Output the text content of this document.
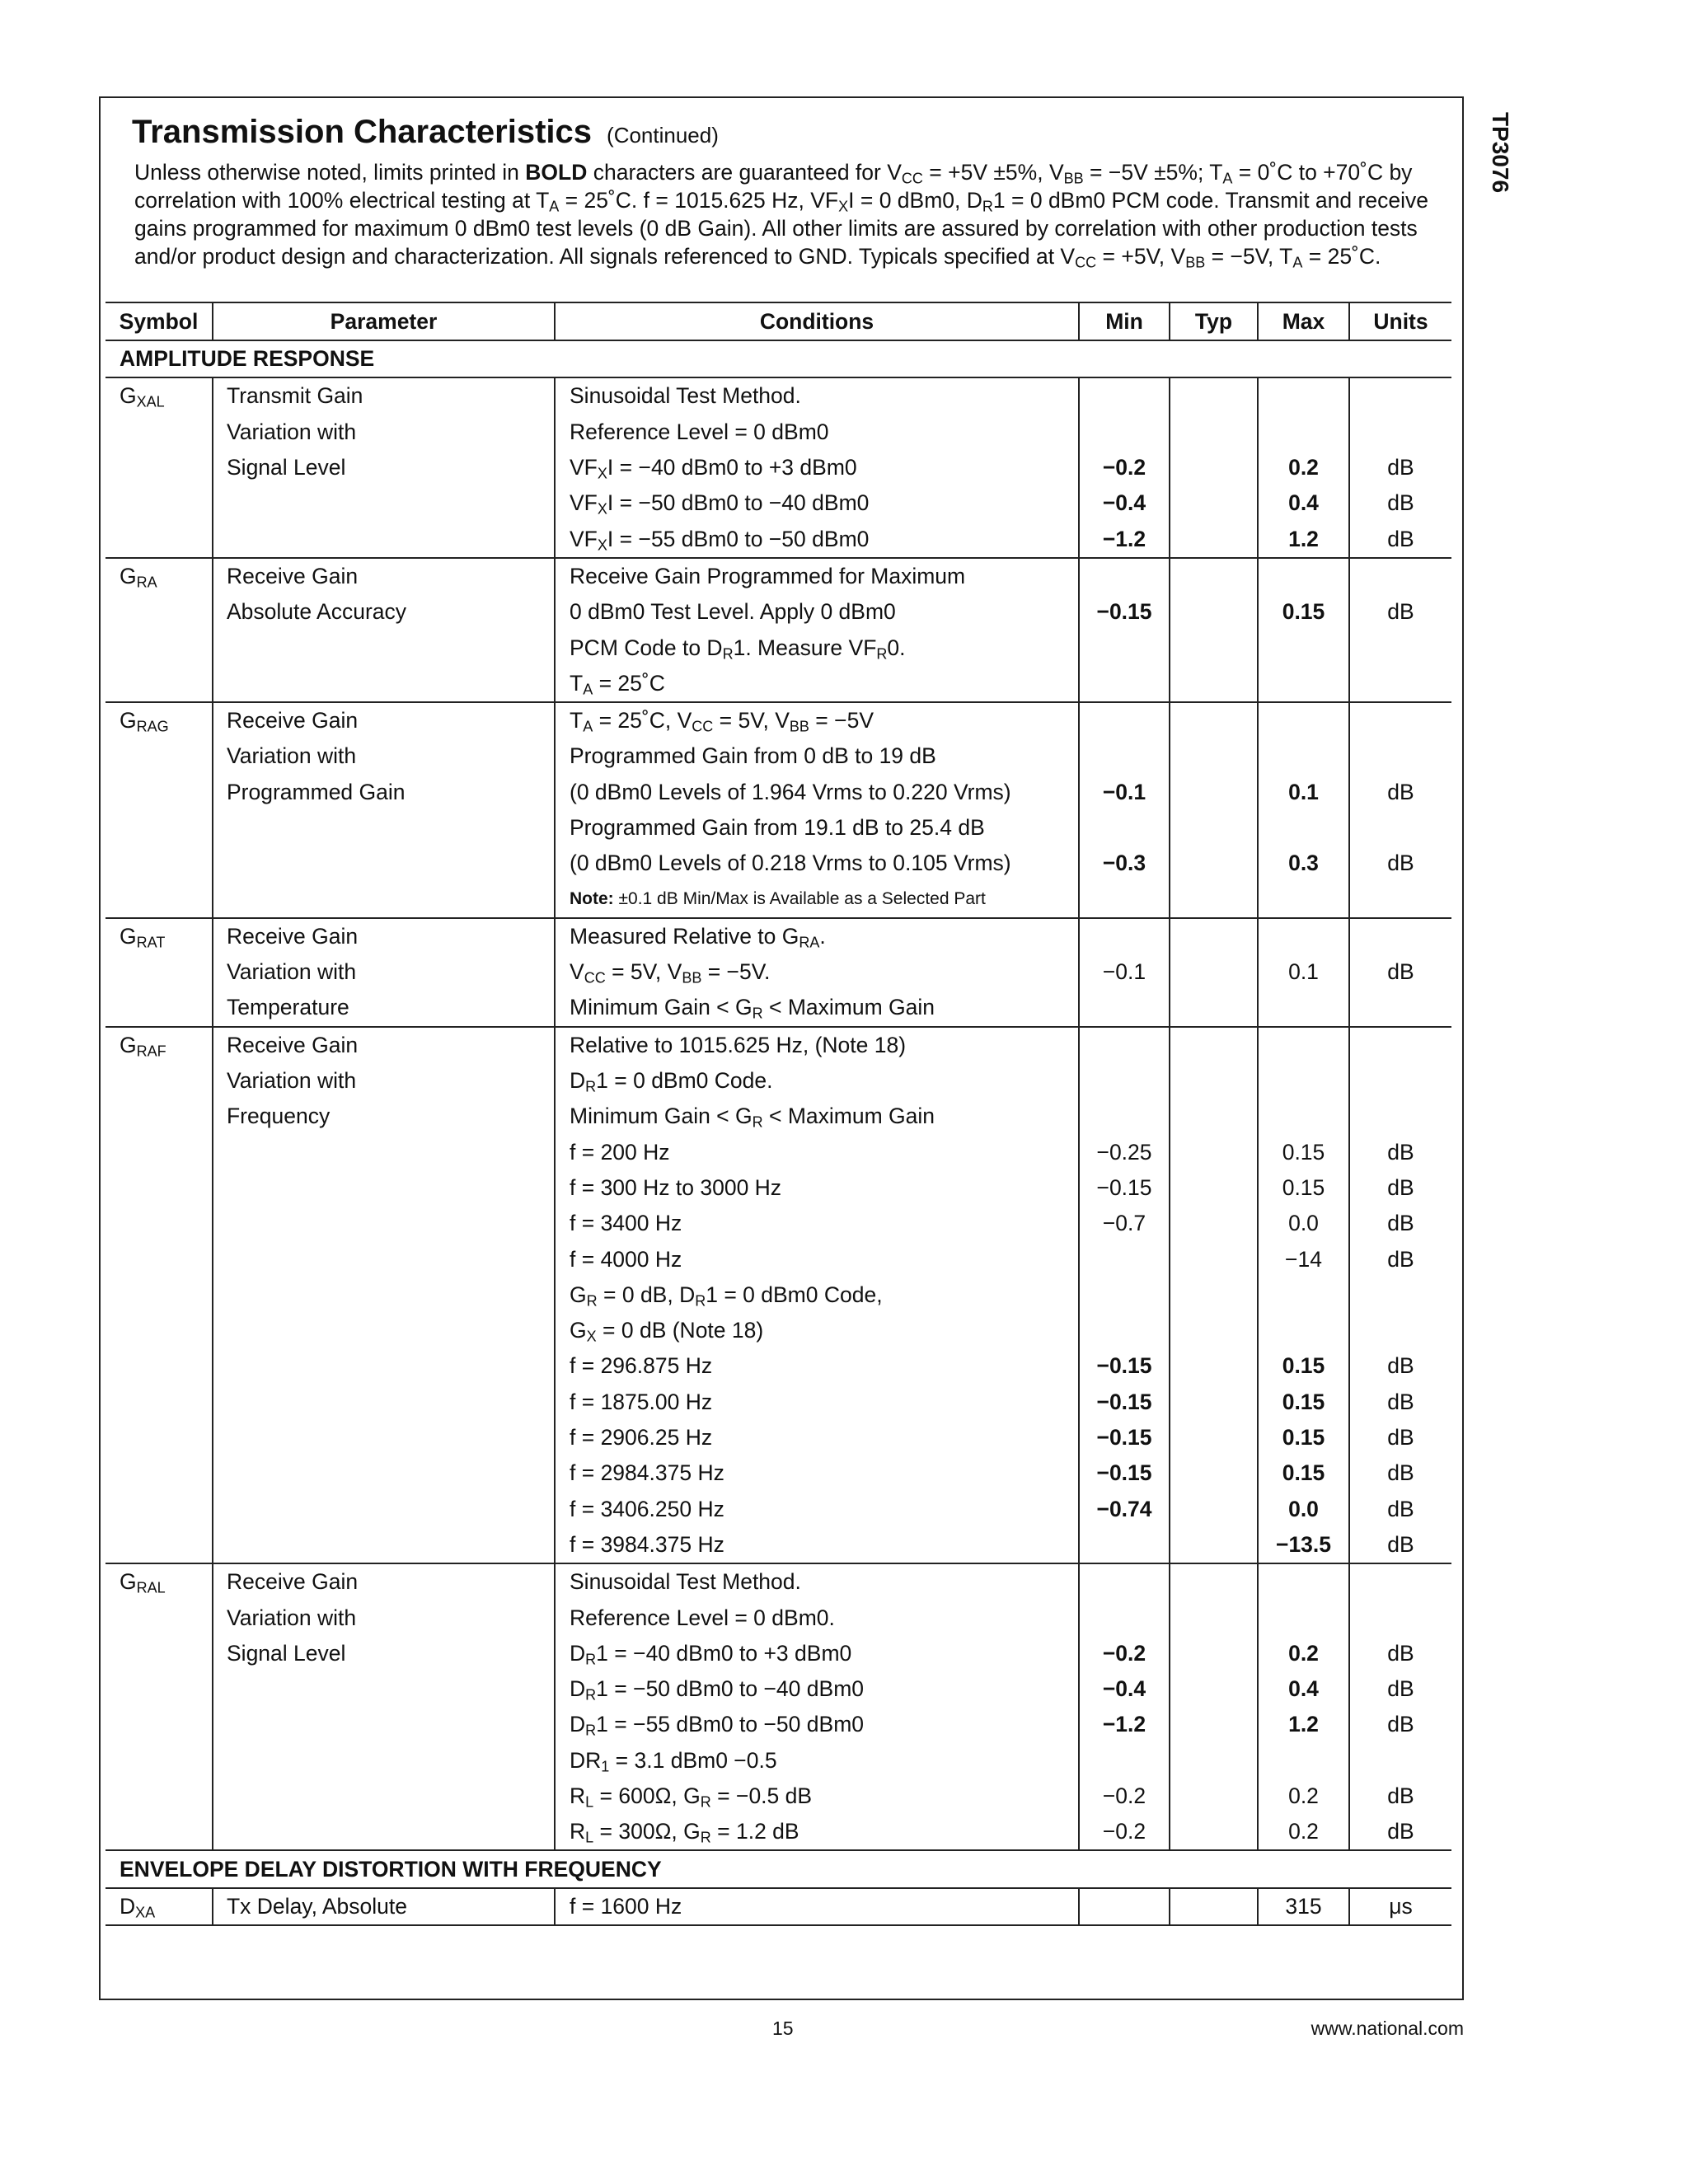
TP3076
Transmission Characteristics (Continued)
Unless otherwise noted, limits printed in BOLD characters are guaranteed for $V_{CC} = +5V \pm 5\%$, $V_{BB} = -5V \pm 5\%$; $T_A$ = 0˚C to +70˚C by correlation with 100% electrical testing at $T_A$ = 25˚C. f = 1015.625 Hz, $VF_XI = 0$ dBm0, $D_R1 = 0$ dBm0 PCM code. Transmit and receive gains programmed for maximum 0 dBm0 test levels (0 dB Gain). All other limits are assured by correlation with other production tests and/or product design and characterization. All signals referenced to GND. Typicals specified at $V_{CC} = +5V$, $V_{BB} = -5V$, $T_A$ = 25˚C.
Symbol	Parameter	Conditions	Min	Typ	Max	Units
AMPLITUDE RESPONSE						
$G_{XAL}$	Transmit Gain	Sinusoidal Test Method.				
	Variation with	Reference Level = 0 dBm0				
	Signal Level	$VF_XI = -40$ dBm0 to +3 dBm0	−0.2		0.2	dB
		$VF_XI = -50$ dBm0 to −40 dBm0	−0.4		0.4	dB
		$VF_XI = -55$ dBm0 to −50 dBm0	−1.2		1.2	dB
$G_{RA}$	Receive Gain	Receive Gain Programmed for Maximum				
	Absolute Accuracy	0 dBm0 Test Level. Apply 0 dBm0	−0.15		0.15	dB
		PCM Code to $D_R1$. Measure $VF_R0$.				
		$T_A$ = 25˚C				
$G_{RAG}$	Receive Gain	$T_A$ = 25˚C, $V_{CC} = 5V$, $V_{BB} = -5V$				
	Variation with	Programmed Gain from 0 dB to 19 dB				
	Programmed Gain	(0 dBm0 Levels of 1.964 Vrms to 0.220 Vrms)	−0.1		0.1	dB
		Programmed Gain from 19.1 dB to 25.4 dB				
		(0 dBm0 Levels of 0.218 Vrms to 0.105 Vrms)	−0.3		0.3	dB
		Note: ±0.1 dB Min/Max is Available as a Selected Part				
$G_{RAT}$	Receive Gain	Measured Relative to $G_{RA}$.				
	Variation with	$V_{CC} = 5V$, $V_{BB} = -5V$.	−0.1		0.1	dB
	Temperature	Minimum Gain < $G_R$ < Maximum Gain				
$G_{RAF}$	Receive Gain	Relative to 1015.625 Hz, (Note 18)				
	Variation with	$D_R1 = 0$ dBm0 Code.				
	Frequency	Minimum Gain < $G_R$ < Maximum Gain				
		f = 200 Hz	−0.25		0.15	dB
		f = 300 Hz to 3000 Hz	−0.15		0.15	dB
		f = 3400 Hz	−0.7		0.0	dB
		f = 4000 Hz			−14	dB
		$G_R = 0$ dB, $D_R1 = 0$ dBm0 Code,				
		$G_X = 0$ dB (Note 18)				
		f = 296.875 Hz	−0.15		0.15	dB
		f = 1875.00 Hz	−0.15		0.15	dB
		f = 2906.25 Hz	−0.15		0.15	dB
		f = 2984.375 Hz	−0.15		0.15	dB
		f = 3406.250 Hz	−0.74		0.0	dB
		f = 3984.375 Hz			−13.5	dB
$G_{RAL}$	Receive Gain	Sinusoidal Test Method.				
	Variation with	Reference Level = 0 dBm0.				
	Signal Level	$D_R1 = -40$ dBm0 to +3 dBm0	−0.2		0.2	dB
		$D_R1 = -50$ dBm0 to −40 dBm0	−0.4		0.4	dB
		$D_R1 = -55$ dBm0 to −50 dBm0	−1.2		1.2	dB
		$DR_1 = 3.1$ dBm0 −0.5				
		$R_L = 600\Omega$, $G_R = -0.5$ dB	−0.2		0.2	dB
		$R_L = 300\Omega$, $G_R = 1.2$ dB	−0.2		0.2	dB
ENVELOPE DELAY DISTORTION WITH FREQUENCY						
$D_{XA}$	Tx Delay, Absolute	f = 1600 Hz			315	μs
15	www.national.com
